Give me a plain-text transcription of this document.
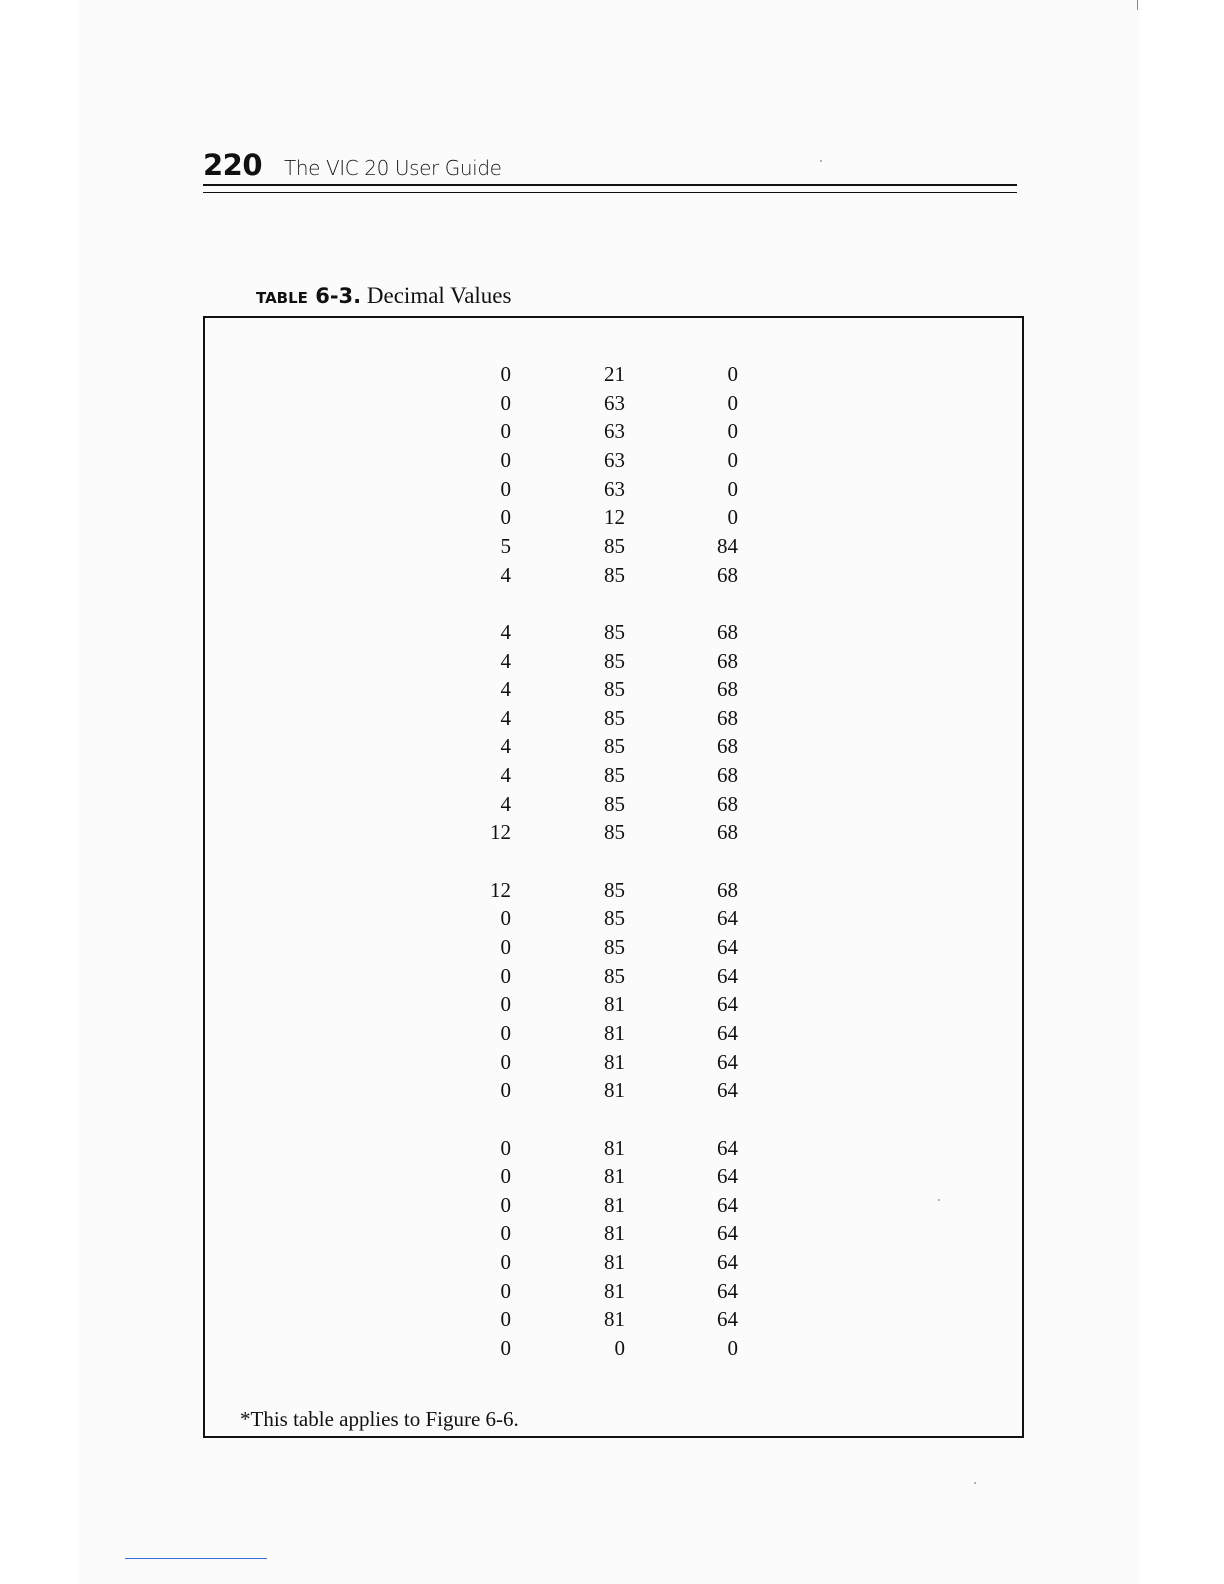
220 The VIC 20 User Guide
TABLE 6-3. Decimal Values
0	21	0
0	63	0
0	63	0
0	63	0
0	63	0
0	12	0
5	85	84
4	85	68
4	85	68
4	85	68
4	85	68
4	85	68
4	85	68
4	85	68
4	85	68
12	85	68
12	85	68
0	85	64
0	85	64
0	85	64
0	81	64
0	81	64
0	81	64
0	81	64
0	81	64
0	81	64
0	81	64
0	81	64
0	81	64
0	81	64
0	81	64
0	0	0
*This table applies to Figure 6-6.
